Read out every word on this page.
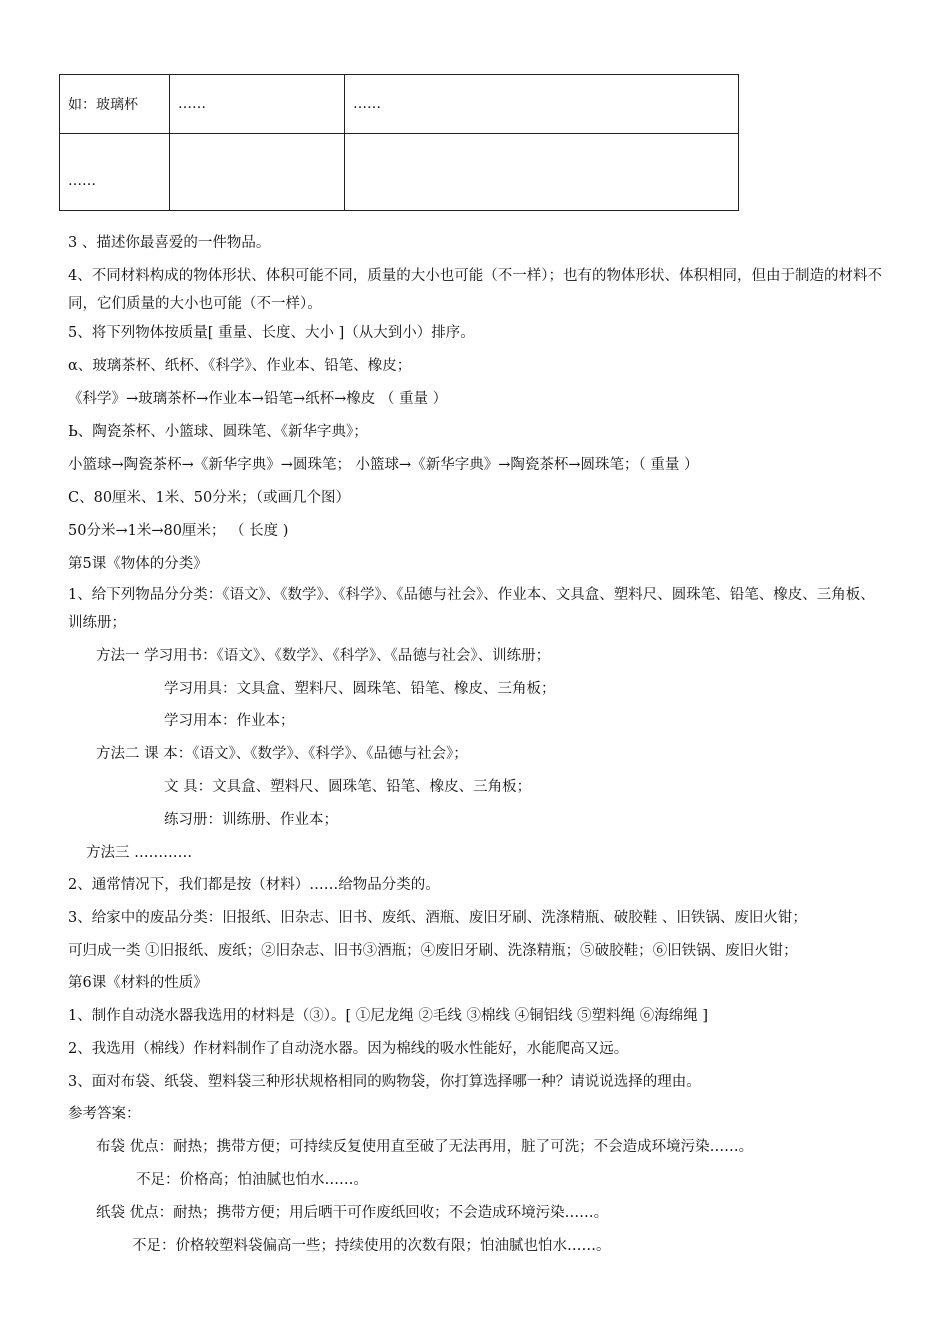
如：玻璃杯	……	……
……		
3 、描述你最喜爱的一件物品。
4、不同材料构成的物体形状、体积可能不同，质量的大小也可能（不一样）；也有的物体形状、体积相同，但由于制造的材料不同，它们质量的大小也可能（不一样）。
5、将下列物体按质量[ 重量、长度、大小 ]（从大到小）排序。
α、玻璃茶杯、纸杯、《科学》、作业本、铅笔、橡皮；
《科学》→玻璃茶杯→作业本→铅笔→纸杯→橡皮 （ 重量 ）
Ь、陶瓷茶杯、小篮球、圆珠笔、《新华字典》；
小篮球→陶瓷茶杯→《新华字典》→圆珠笔； 小篮球→《新华字典》→陶瓷茶杯→圆珠笔；（ 重量 ）
C、80厘米、1米、50分米；（或画几个图）
50分米→1米→80厘米； （ 长度 )
第5课《物体的分类》
1、给下列物品分分类：《语文》、《数学》、《科学》、《品德与社会》、作业本、文具盒、塑料尺、圆珠笔、铅笔、橡皮、三角板、训练册；
方法一 学习用书：《语文》、《数学》、《科学》、《品德与社会》、训练册；
学习用具：文具盒、塑料尺、圆珠笔、铅笔、橡皮、三角板；
学习用本：作业本；
方法二 课 本：《语文》、《数学》、《科学》、《品德与社会》；
文 具：文具盒、塑料尺、圆珠笔、铅笔、橡皮、三角板；
练习册：训练册、作业本；
方法三 …………
2、通常情况下，我们都是按（材料）……给物品分类的。
3、给家中的废品分类：旧报纸、旧杂志、旧书、废纸、酒瓶、废旧牙刷、洗涤精瓶、破胶鞋 、旧铁锅、废旧火钳；
可归成一类 ①旧报纸、废纸；②旧杂志、旧书③酒瓶；④废旧牙刷、洗涤精瓶；⑤破胶鞋；⑥旧铁锅、废旧火钳；
第6课《材料的性质》
1、制作自动浇水器我选用的材料是（③）。[ ①尼龙绳 ②毛线 ③棉线 ④铜铝线 ⑤塑料绳 ⑥海绵绳 ]
2、我选用（棉线）作材料制作了自动浇水器。因为棉线的吸水性能好，水能爬高又远。
3、面对布袋、纸袋、塑料袋三种形状规格相同的购物袋，你打算选择哪一种？请说说选择的理由。
参考答案：
布袋 优点：耐热；携带方便；可持续反复使用直至破了无法再用，脏了可洗；不会造成环境污染……。
不足：价格高；怕油腻也怕水……。
纸袋 优点：耐热；携带方便；用后晒干可作废纸回收；不会造成环境污染……。
不足：价格较塑料袋偏高一些；持续使用的次数有限；怕油腻也怕水……。
